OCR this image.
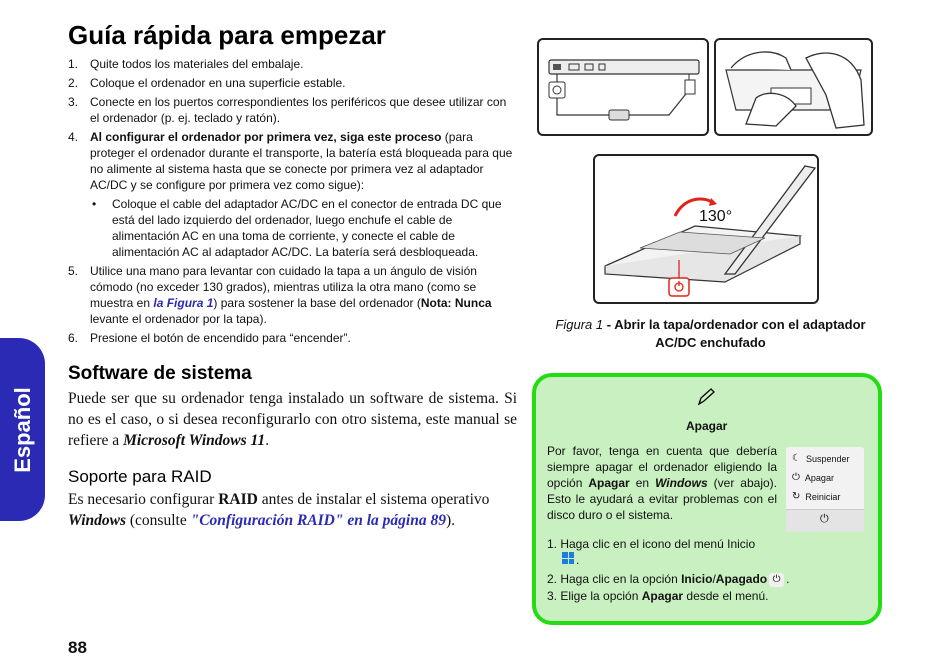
Español
Guía rápida para empezar
1. Quite todos los materiales del embalaje.
2. Coloque el ordenador en una superficie estable.
3. Conecte en los puertos correspondientes los periféricos que desee utilizar con el ordenador (p. ej. teclado y ratón).
4. Al configurar el ordenador por primera vez, siga este proceso (para proteger el ordenador durante el transporte, la batería está bloqueada para que no alimente al sistema hasta que se conecte por primera vez al adaptador AC/DC y se configure por primera vez como sigue):
• Coloque el cable del adaptador AC/DC en el conector de entrada DC que está del lado izquierdo del ordenador, luego enchufe el cable de alimentación AC en una toma de corriente, y conecte el cable de alimentación AC al adaptador AC/DC. La batería será desbloqueada.
5. Utilice una mano para levantar con cuidado la tapa a un ángulo de visión cómodo (no exceder 130 grados), mientras utiliza la otra mano (como se muestra en la Figura 1) para sostener la base del ordenador (Nota: Nunca levante el ordenador por la tapa).
6. Presione el botón de encendido para “encender”.
Software de sistema

Puede ser que su ordenador tenga instalado un software de sistema. Si no es el caso, o si desea reconfigurarlo con otro sistema, este manual se refiere a Microsoft Windows 11.

Soporte para RAID

Es necesario configurar RAID antes de instalar el sistema operativo Windows (consulte "Configuración RAID" en la página 89).

130°
Figura 1 - Abrir la tapa/ordenador con el adaptador AC/DC enchufado
Apagar

Por favor, tenga en cuenta que debería siempre apagar el ordenador eligiendo la opción Apagar en Windows (ver abajo). Esto le ayudará a evitar problemas con el disco duro o el sistema.

☾ Suspender
⏻ Apagar
↻ Reiniciar
⏻
1. Haga clic en el icono del menú Inicio
.
2. Haga clic en la opción Inicio/Apagado ⏻ .
3. Elige la opción Apagar desde el menú.
88
